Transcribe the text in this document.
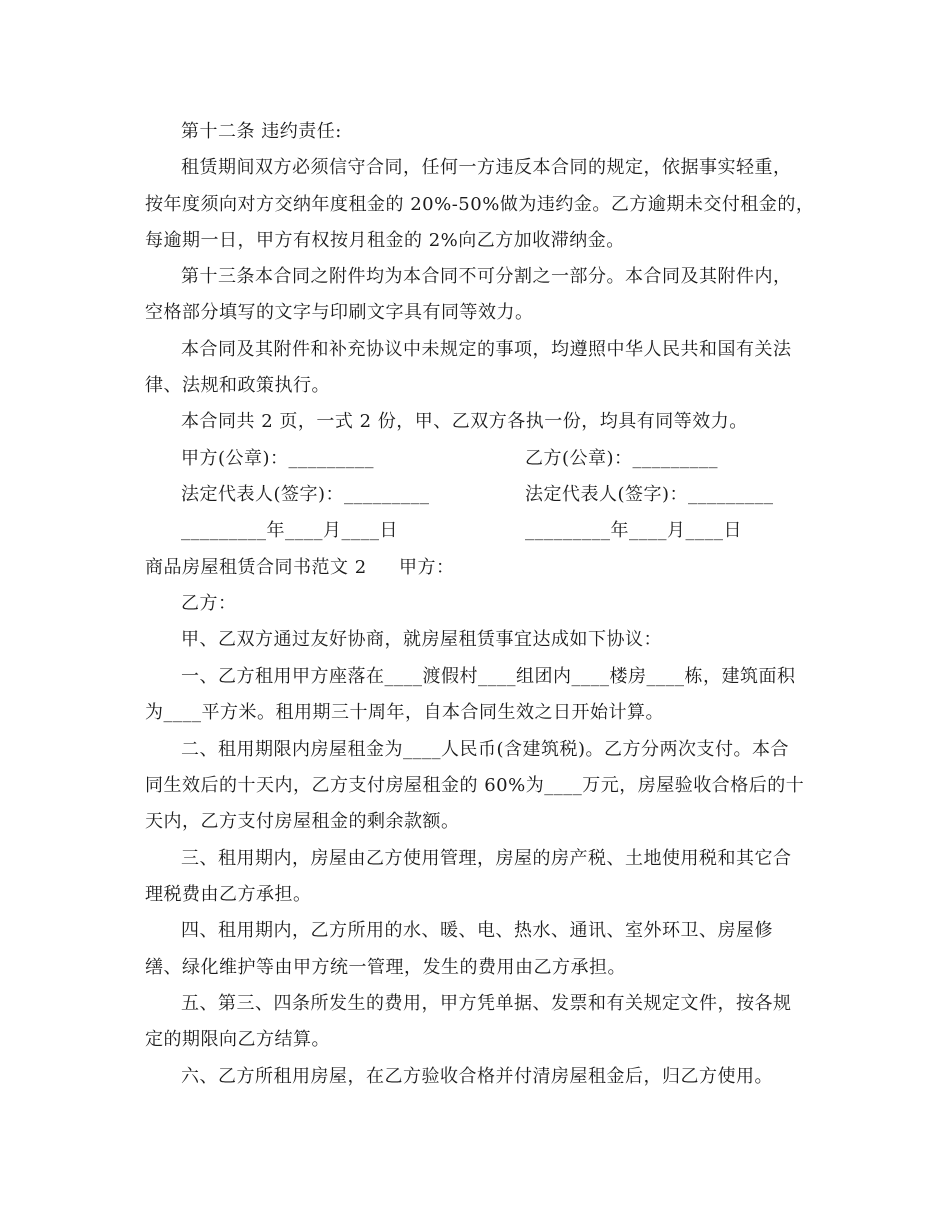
第十二条 违约责任:
租赁期间双方必须信守合同，任何一方违反本合同的规定，依据事实轻重，
按年度须向对方交纳年度租金的 20%-50%做为违约金。乙方逾期未交付租金的，
每逾期一日，甲方有权按月租金的 2%向乙方加收滞纳金。
第十三条本合同之附件均为本合同不可分割之一部分。本合同及其附件内，
空格部分填写的文字与印刷文字具有同等效力。
本合同及其附件和补充协议中未规定的事项，均遵照中华人民共和国有关法
律、法规和政策执行。
本合同共 2 页，一式 2 份，甲、乙双方各执一份，均具有同等效力。
甲方(公章)：_________	乙方(公章)：_________
法定代表人(签字)：_________	法定代表人(签字)：_________
_________年____月____日	_________年____月____日
商品房屋租赁合同书范文 2 甲方：
乙方：
甲、乙双方通过友好协商，就房屋租赁事宜达成如下协议：
一、乙方租用甲方座落在____渡假村____组团内____楼房____栋，建筑面积
为____平方米。租用期三十周年，自本合同生效之日开始计算。
二、租用期限内房屋租金为____人民币(含建筑税)。乙方分两次支付。本合
同生效后的十天内，乙方支付房屋租金的 60%为____万元，房屋验收合格后的十
天内，乙方支付房屋租金的剩余款额。
三、租用期内，房屋由乙方使用管理，房屋的房产税、土地使用税和其它合
理税费由乙方承担。
四、租用期内，乙方所用的水、暖、电、热水、通讯、室外环卫、房屋修
缮、绿化维护等由甲方统一管理，发生的费用由乙方承担。
五、第三、四条所发生的费用，甲方凭单据、发票和有关规定文件，按各规
定的期限向乙方结算。
六、乙方所租用房屋，在乙方验收合格并付清房屋租金后，归乙方使用。
